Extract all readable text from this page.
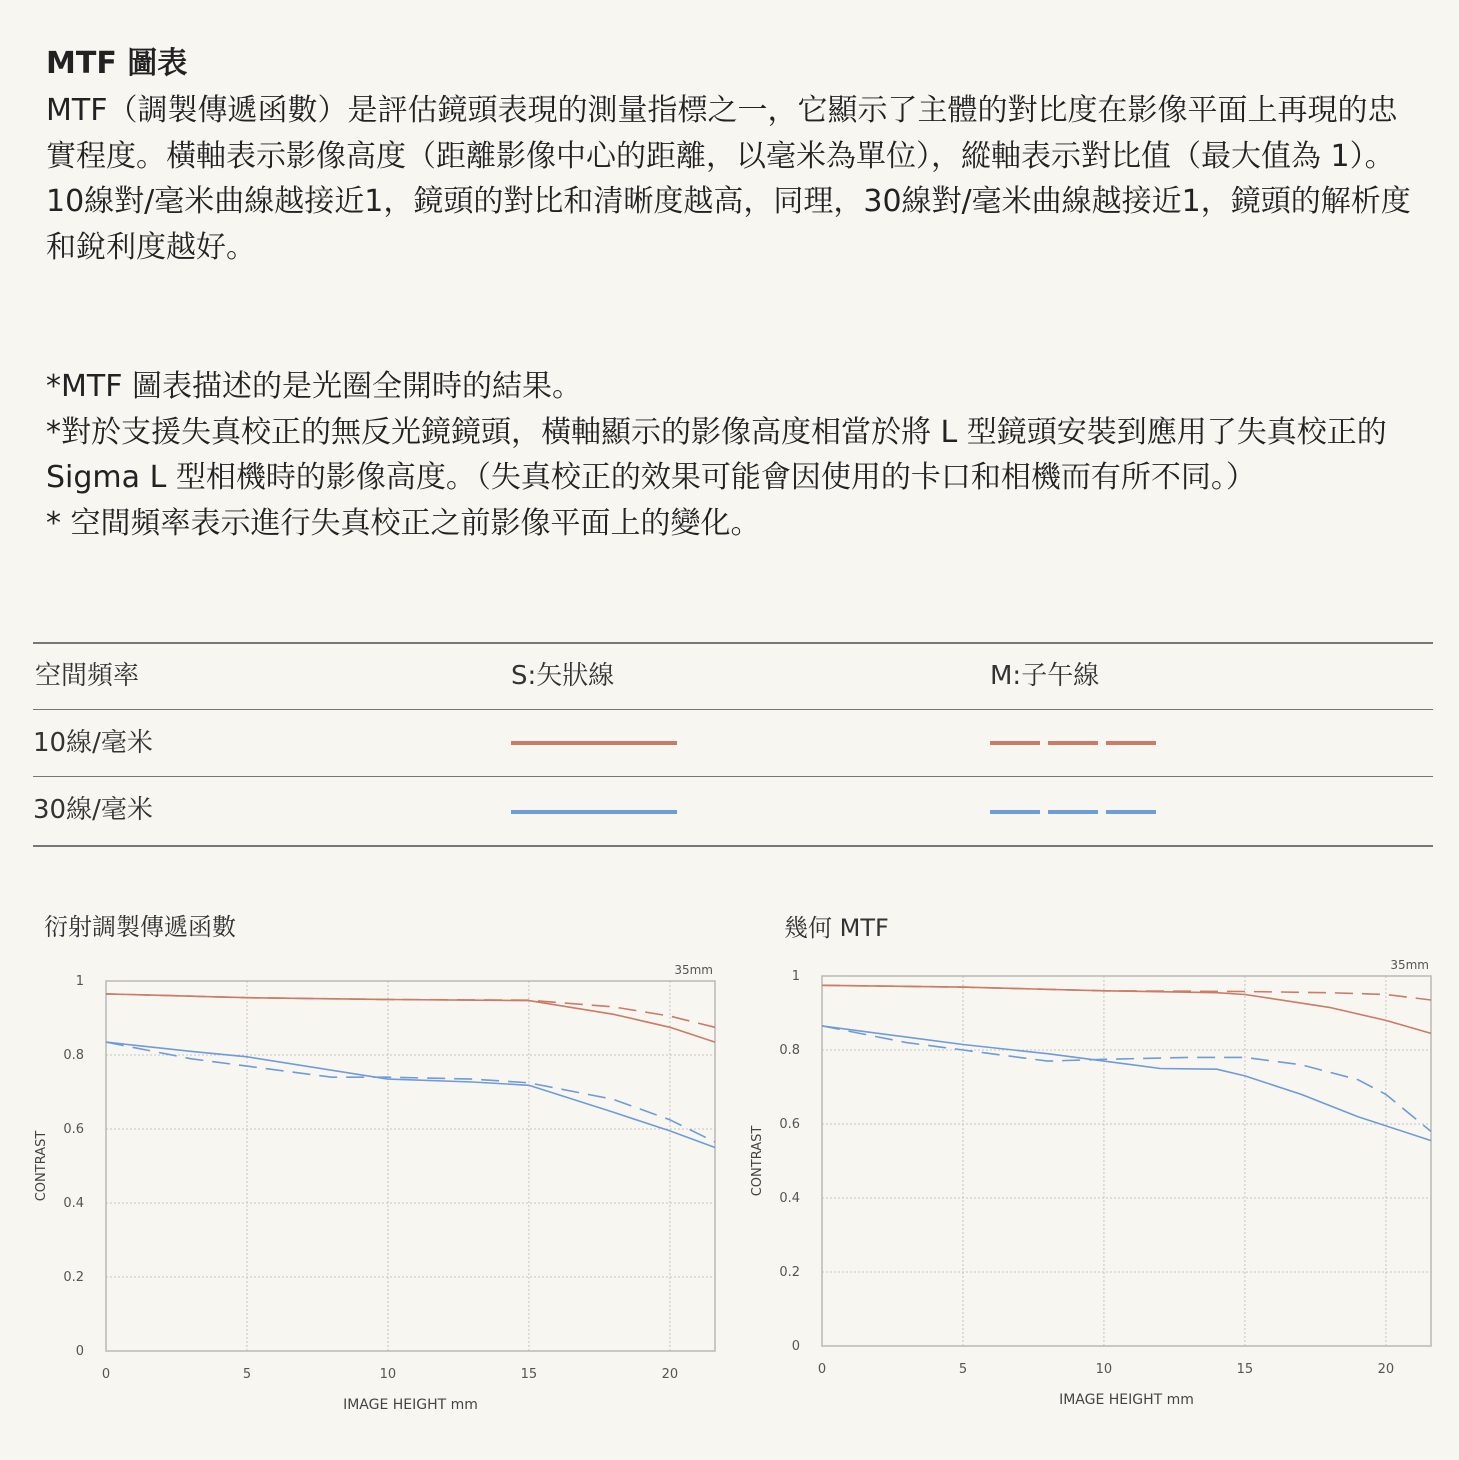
MTF 圖表

MTF（調製傳遞函數）是評估鏡頭表現的測量指標之一，它顯示了主體的對比度在影像平面上再現的忠實程度。橫軸表示影像高度（距離影像中心的距離，以毫米為單位），縱軸表示對比值（最大值為 1）。

10線對/毫米曲線越接近1，鏡頭的對比和清晰度越高，同理，30線對/毫米曲線越接近1，鏡頭的解析度和銳利度越好。

*MTF 圖表描述的是光圈全開時的結果。

*對於支援失真校正的無反光鏡鏡頭，橫軸顯示的影像高度相當於將 L 型鏡頭安裝到應用了失真校正的 Sigma L 型相機時的影像高度。（失真校正的效果可能會因使用的卡口和相機而有所不同。）

* 空間頻率表示進行失真校正之前影像平面上的變化。

空間頻率	S:矢狀線	M:子午線
10線/毫米
30線/毫米
衍射調製傳遞函數	幾何 MTF
0	5	10	15	20
0
0.2
0.4
0.6
0.8
1
IMAGE HEIGHT mm
CONTRAST
35mm
0	5	10	15	20
0
0.2
0.4
0.6
0.8
1
IMAGE HEIGHT mm
CONTRAST
35mm
